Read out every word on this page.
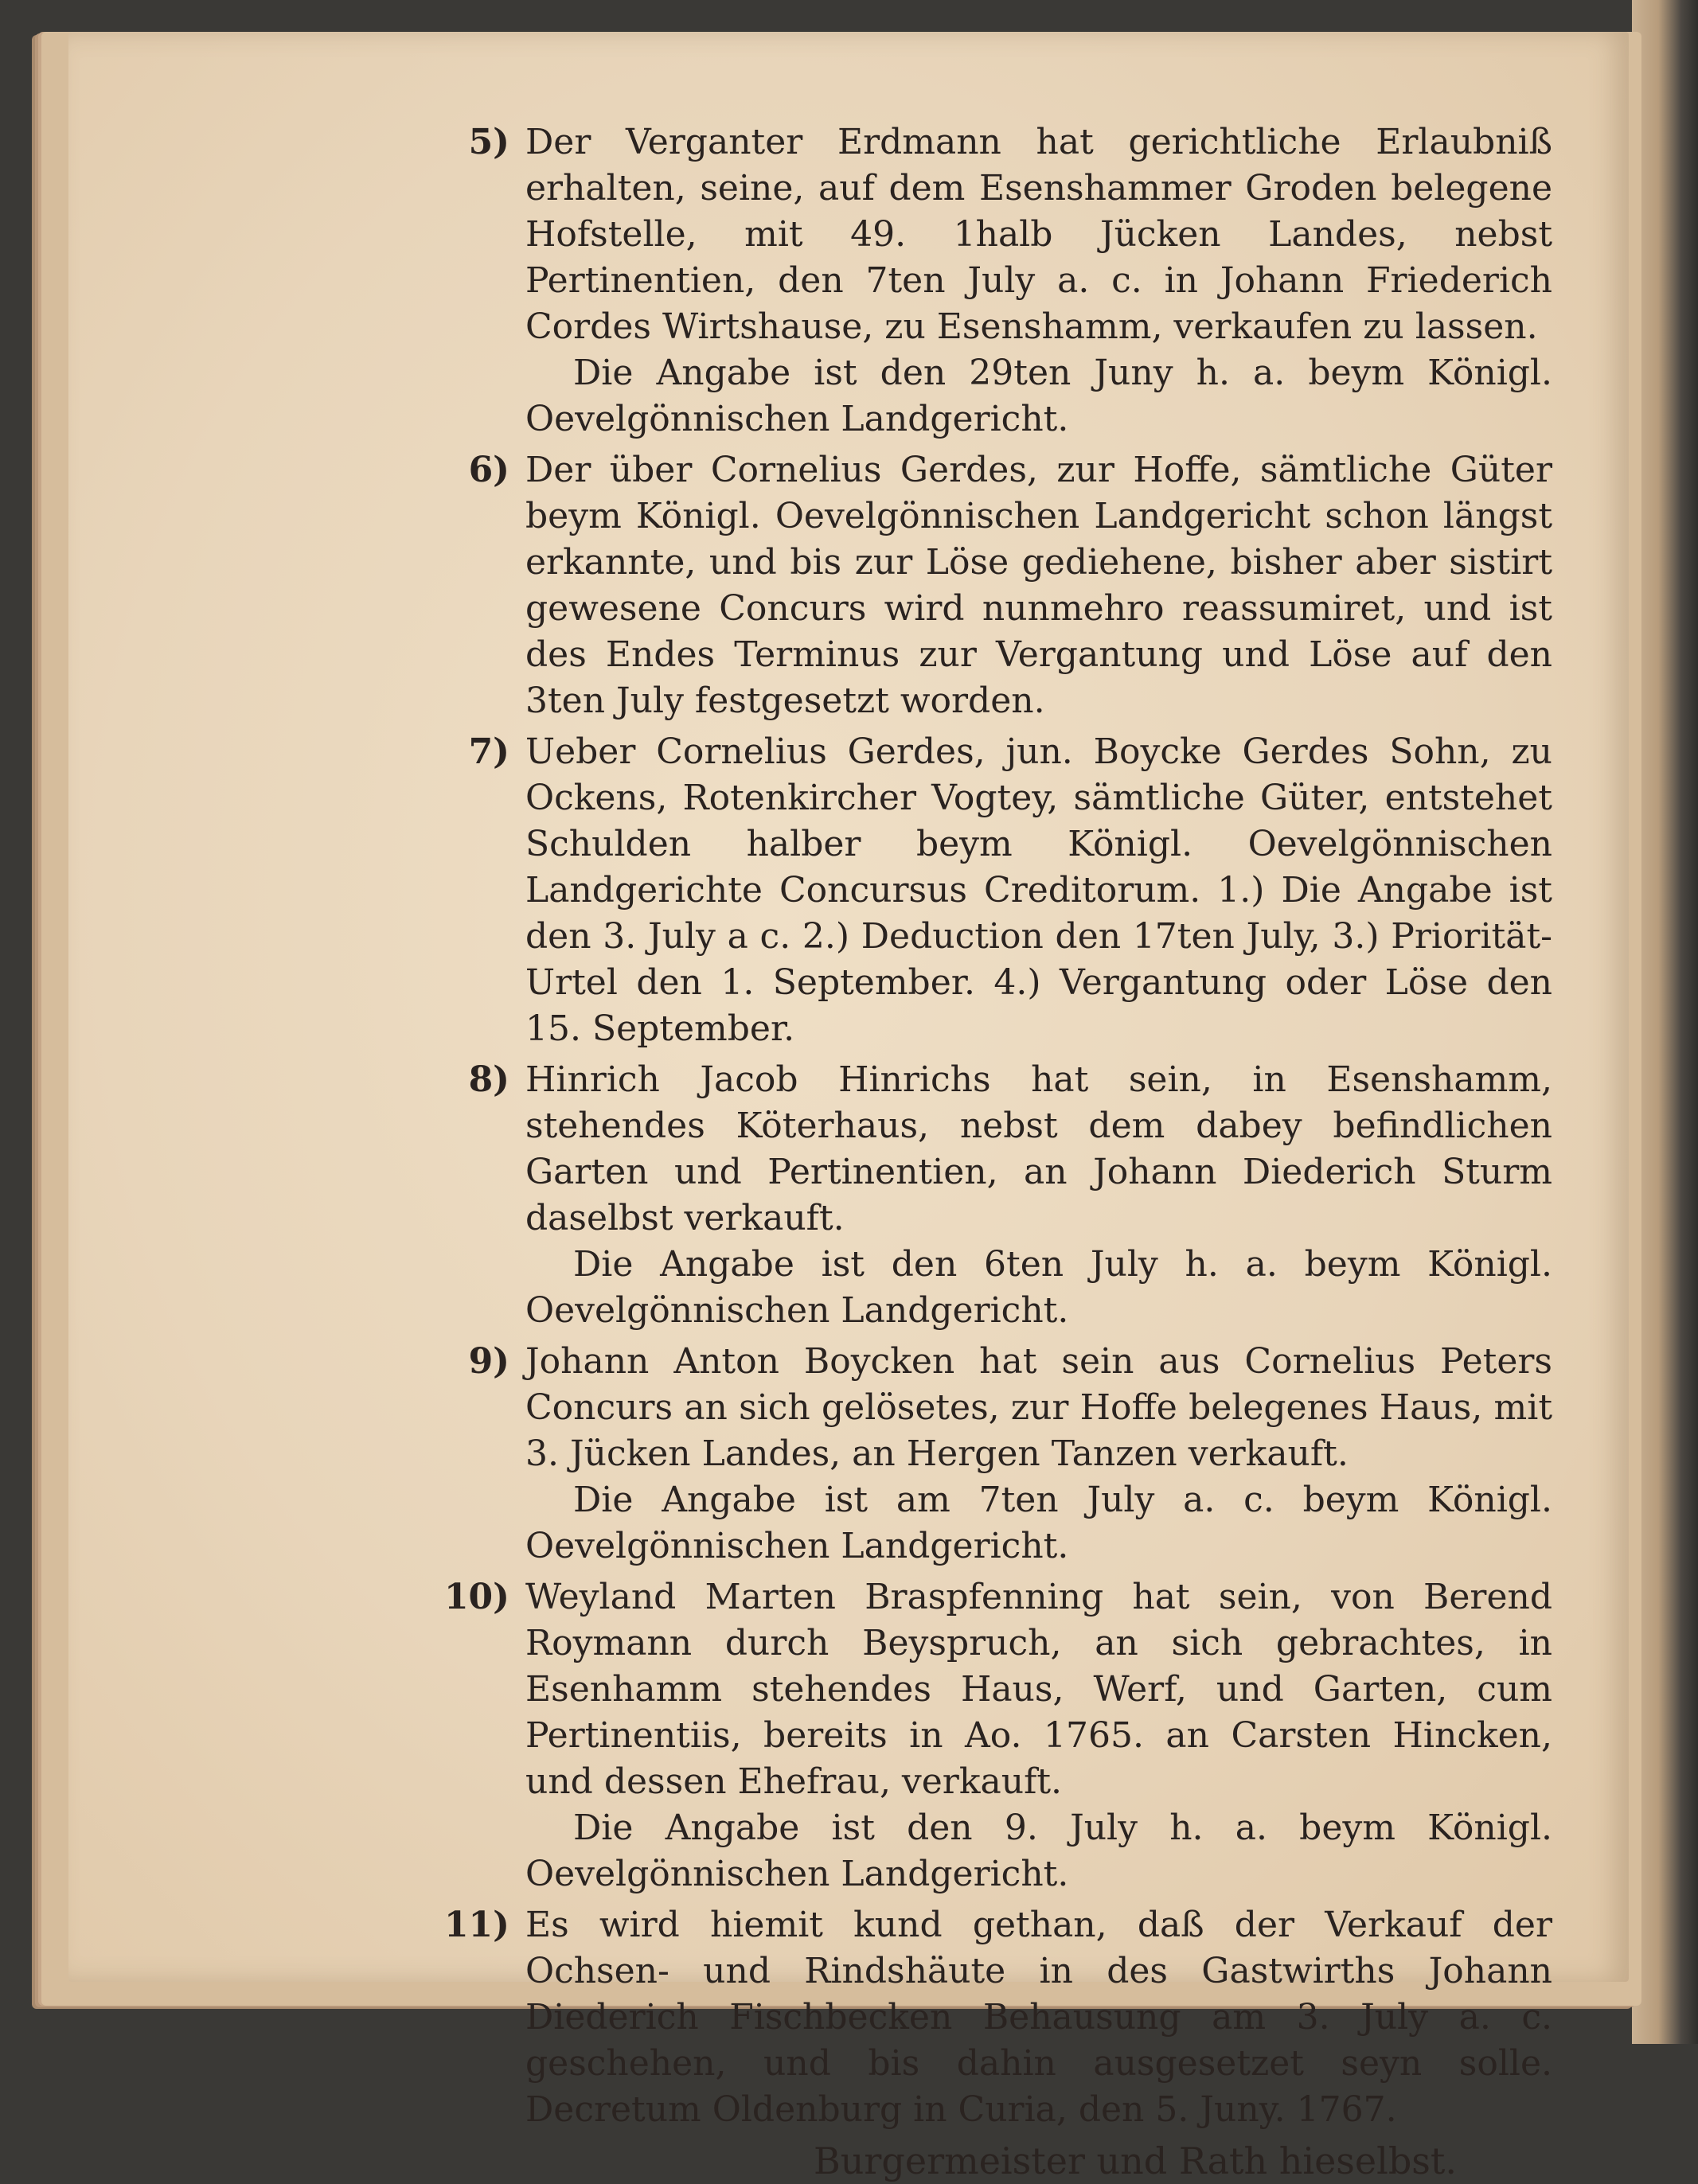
5) Der Verganter Erdmann hat gerichtliche Erlaubniß erhalten, seine, auf dem Esenshammer Groden belegene Hofstelle, mit 49. 1halb Jücken Landes, nebst Pertinentien, den 7ten July a. c. in Johann Friederich Cordes Wirtshause, zu Esenshamm, verkaufen zu lassen.
Die Angabe ist den 29ten Juny h. a. beym Königl. Oevelgönnischen Landgericht.
6) Der über Cornelius Gerdes, zur Hoffe, sämtliche Güter beym Königl. Oevelgönnischen Landgericht schon längst erkannte, und bis zur Löse gediehene, bisher aber sistirt gewesene Concurs wird nunmehro reassumiret, und ist des Endes Terminus zur Vergantung und Löse auf den 3ten July festgesetzt worden.
7) Ueber Cornelius Gerdes, jun. Boycke Gerdes Sohn, zu Ockens, Rotenkircher Vogtey, sämtliche Güter, entstehet Schulden halber beym Königl. Oevelgönnischen Landgerichte Concursus Creditorum. 1.) Die Angabe ist den 3. July a c. 2.) Deduction den 17ten July, 3.) Priorität-Urtel den 1. September. 4.) Vergantung oder Löse den 15. September.
8) Hinrich Jacob Hinrichs hat sein, in Esenshamm, stehendes Köterhaus, nebst dem dabey befindlichen Garten und Pertinentien, an Johann Diederich Sturm daselbst verkauft.
Die Angabe ist den 6ten July h. a. beym Königl. Oevelgönnischen Landgericht.
9) Johann Anton Boycken hat sein aus Cornelius Peters Concurs an sich gelösetes, zur Hoffe belegenes Haus, mit 3. Jücken Landes, an Hergen Tanzen verkauft.
Die Angabe ist am 7ten July a. c. beym Königl. Oevelgönnischen Landgericht.
10) Weyland Marten Braspfenning hat sein, von Berend Roymann durch Beyspruch, an sich gebrachtes, in Esenhamm stehendes Haus, Werf, und Garten, cum Pertinentiis, bereits in Ao. 1765. an Carsten Hincken, und dessen Ehefrau, verkauft.
Die Angabe ist den 9. July h. a. beym Königl. Oevelgönnischen Landgericht.
11) Es wird hiemit kund gethan, daß der Verkauf der Ochsen- und Rindshäute in des Gastwirths Johann Diederich Fischbecken Behausung am 3. July a. c. geschehen, und bis dahin ausgesetzet seyn solle. Decretum Oldenburg in Curia, den 5. Juny. 1767.
Burgermeister und Rath hieselbst.
